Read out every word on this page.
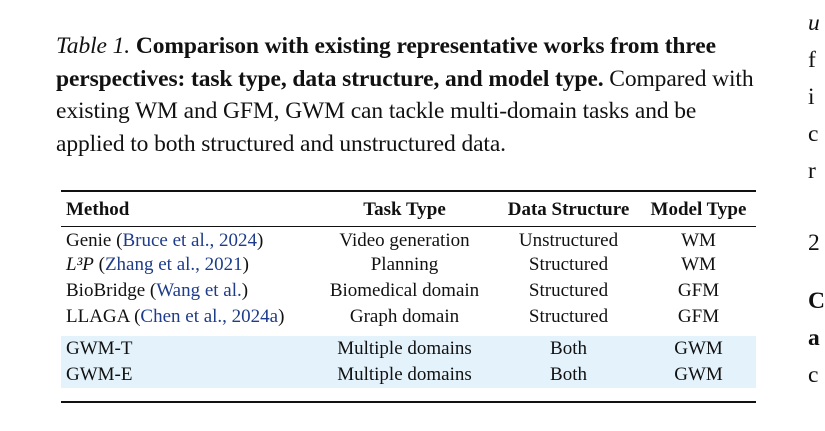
Table 1. Comparison with existing representative works from three perspectives: task type, data structure, and model type. Compared with existing WM and GFM, GWM can tackle multi-domain tasks and be applied to both structured and unstructured data.
Method	Task Type	Data Structure	Model Type
Genie (Bruce et al., 2024)	Video generation	Unstructured	WM
L³P (Zhang et al., 2021)	Planning	Structured	WM
BioBridge (Wang et al.)	Biomedical domain	Structured	GFM
LLAGA (Chen et al., 2024a)	Graph domain	Structured	GFM

GWM-T	Multiple domains	Both	GWM
GWM-E	Multiple domains	Both	GWM
u
f
i
c
r
2
C
a
c
